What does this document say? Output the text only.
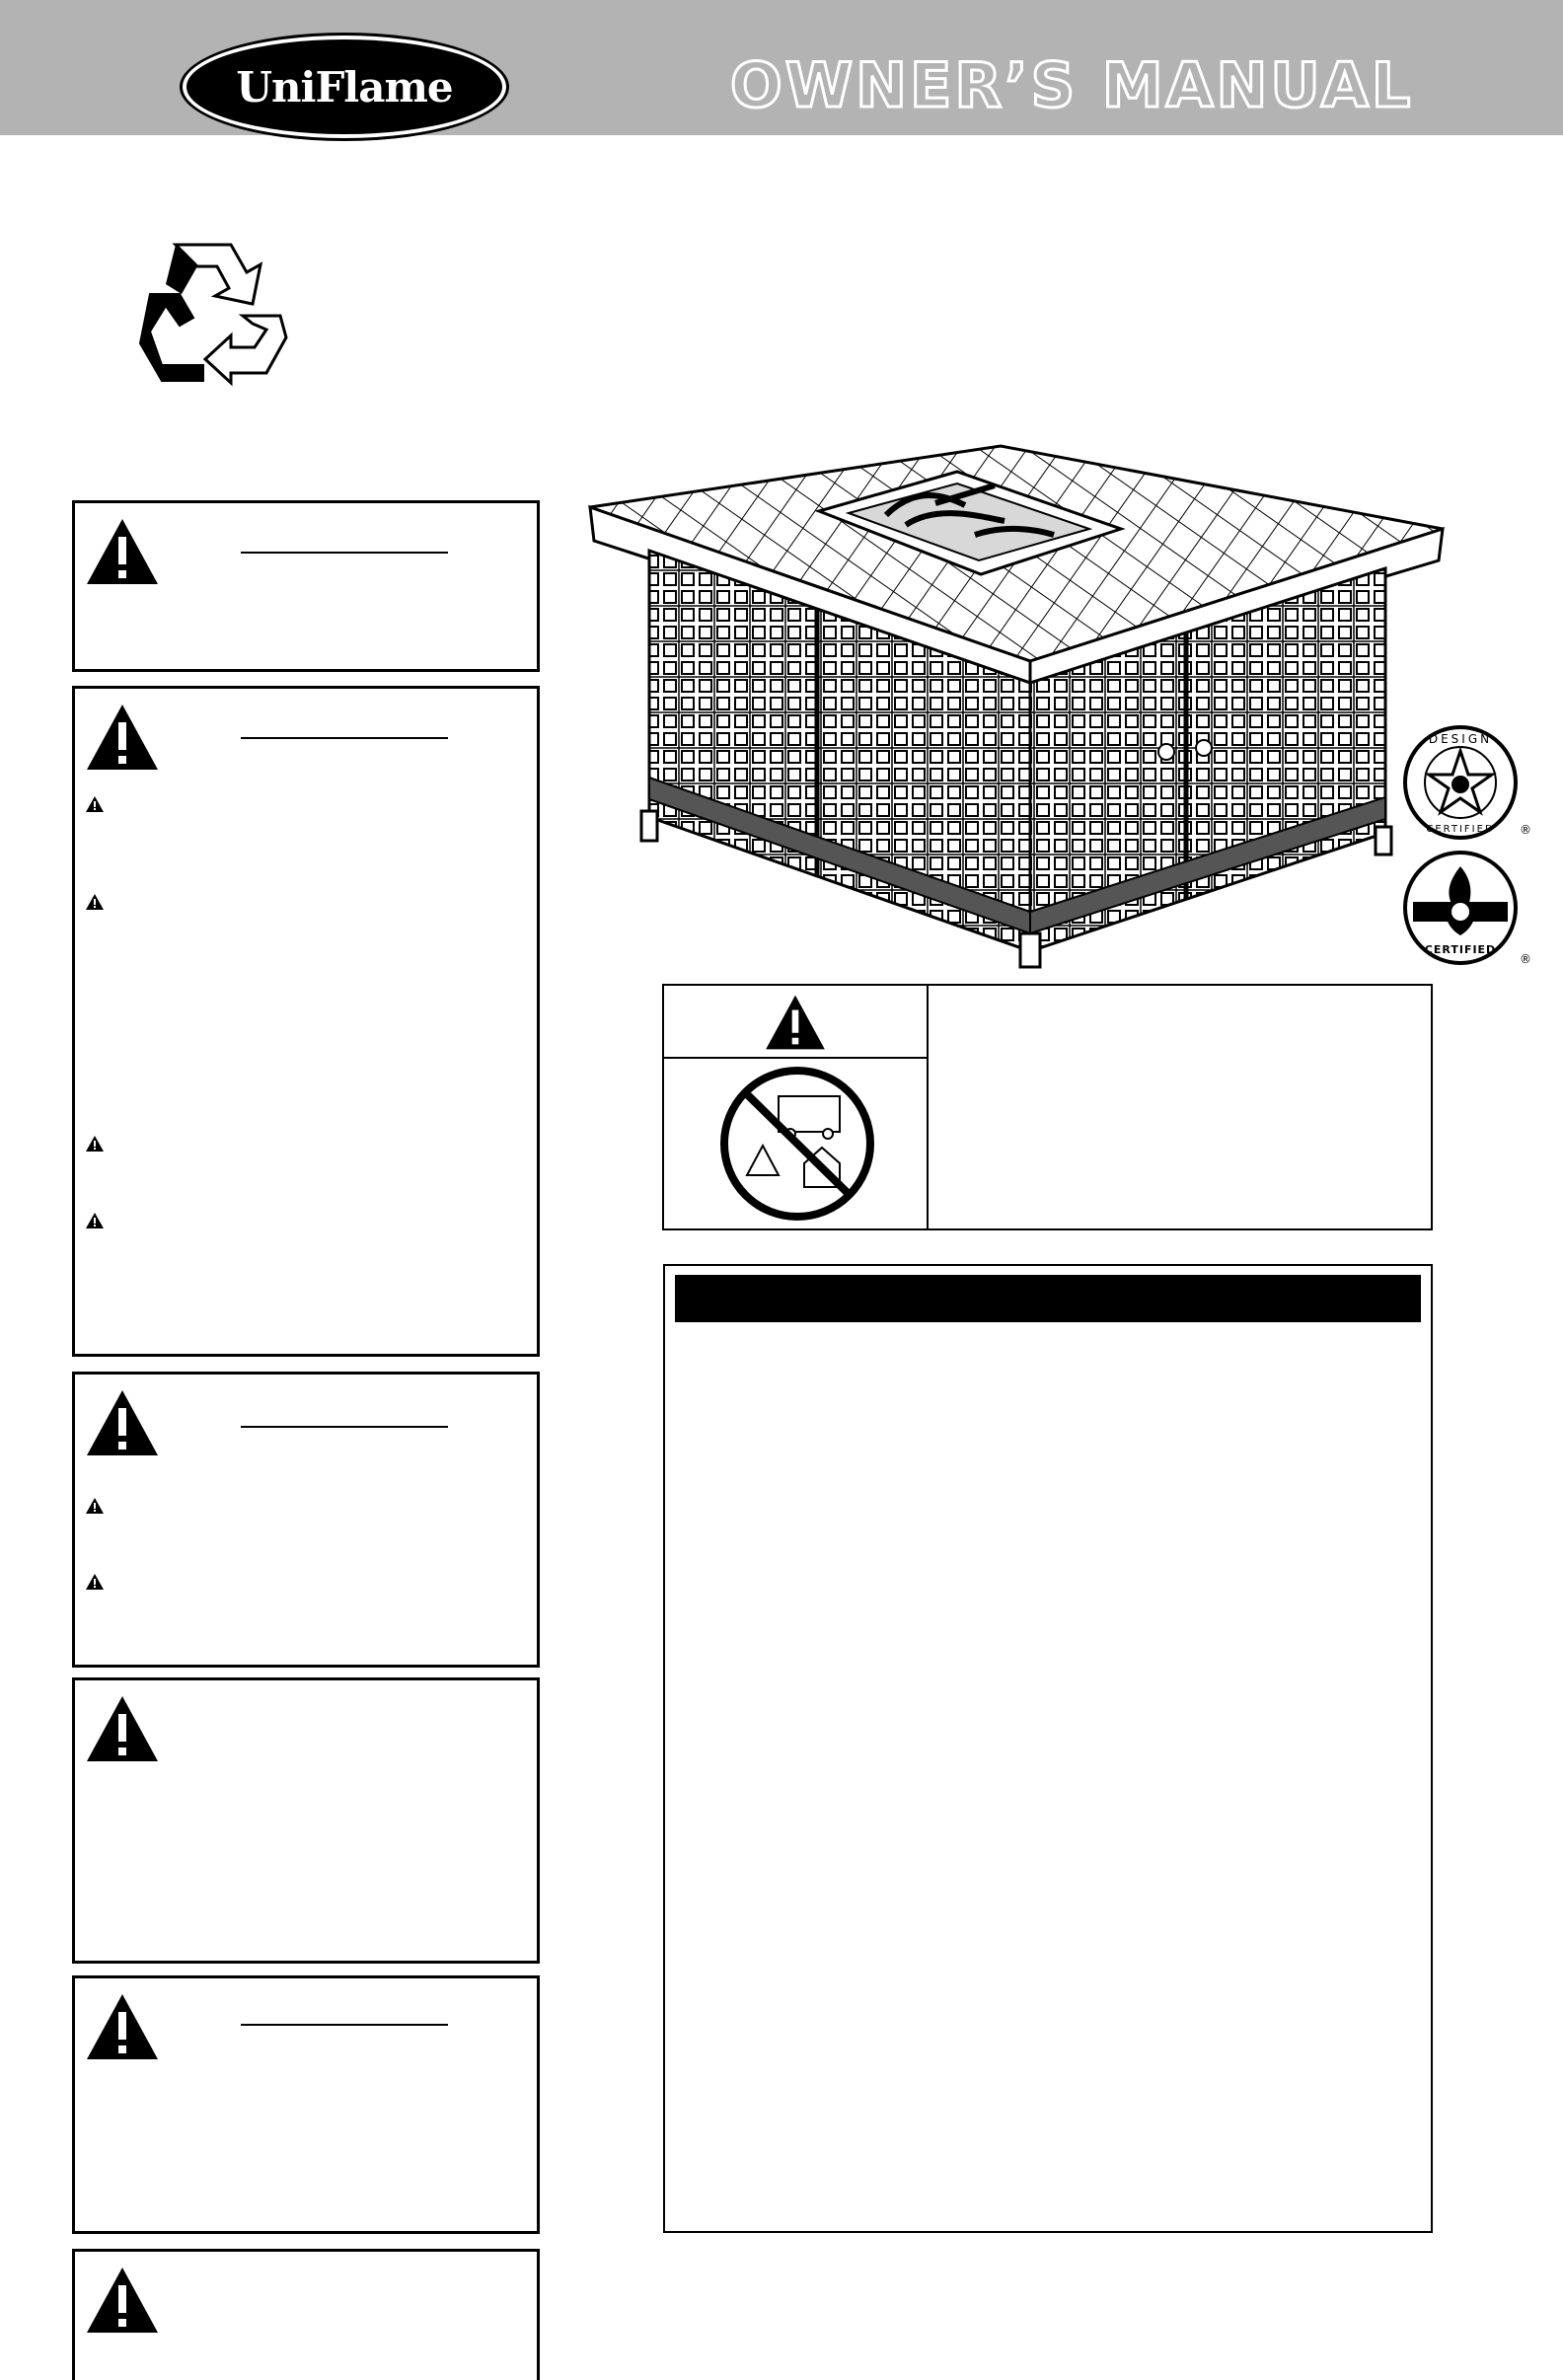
UniFlame	OWNER’S MANUAL
DESIGN
CERTIFIED ®
CERTIFIED
®
